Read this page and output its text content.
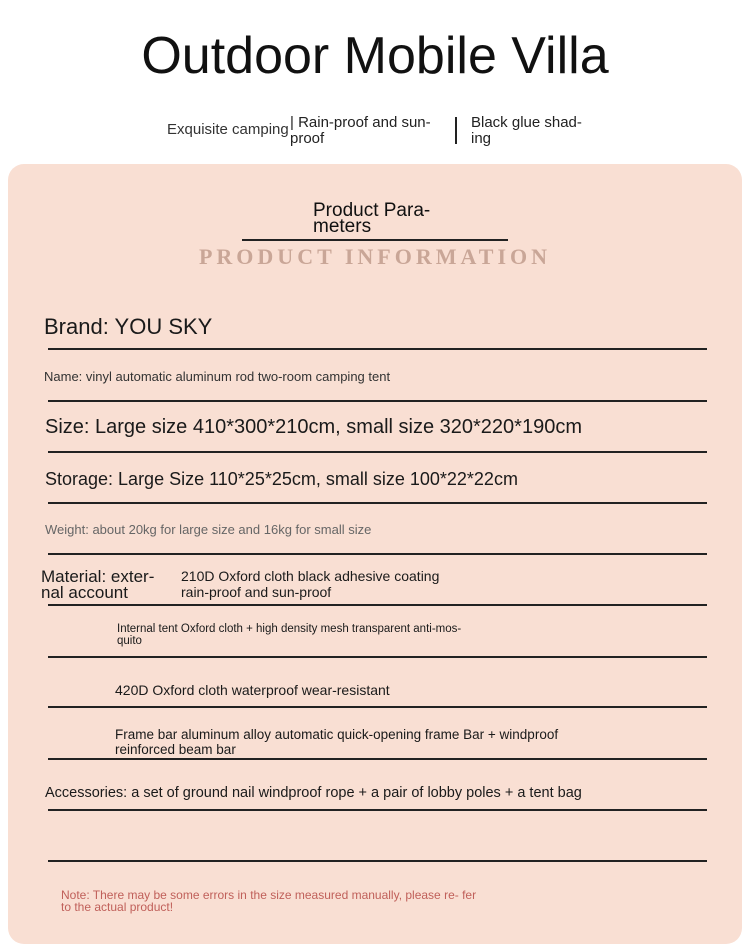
Outdoor Mobile Villa
Exquisite camping | Rain-proof and sun-proof
Black glue shad- ing
Product Para- meters
PRODUCT INFORMATION
Brand: YOU SKY
Name: vinyl automatic aluminum rod two-room camping tent
Size: Large size 410*300*210cm, small size 320*220*190cm
Storage: Large Size 110*25*25cm, small size 100*22*22cm
Weight: about 20kg for large size and 16kg for small size
Material: exter- nal account
210D Oxford cloth black adhesive coating rain-proof and sun-proof
Internal tent Oxford cloth + high density mesh transparent anti-mos- quito
420D Oxford cloth waterproof wear-resistant
Frame bar aluminum alloy automatic quick-opening frame Bar + windproof reinforced beam bar
Accessories: a set of ground nail windproof rope + a pair of lobby poles + a tent bag
Note: There may be some errors in the size measured manually, please re- fer to the actual product!
